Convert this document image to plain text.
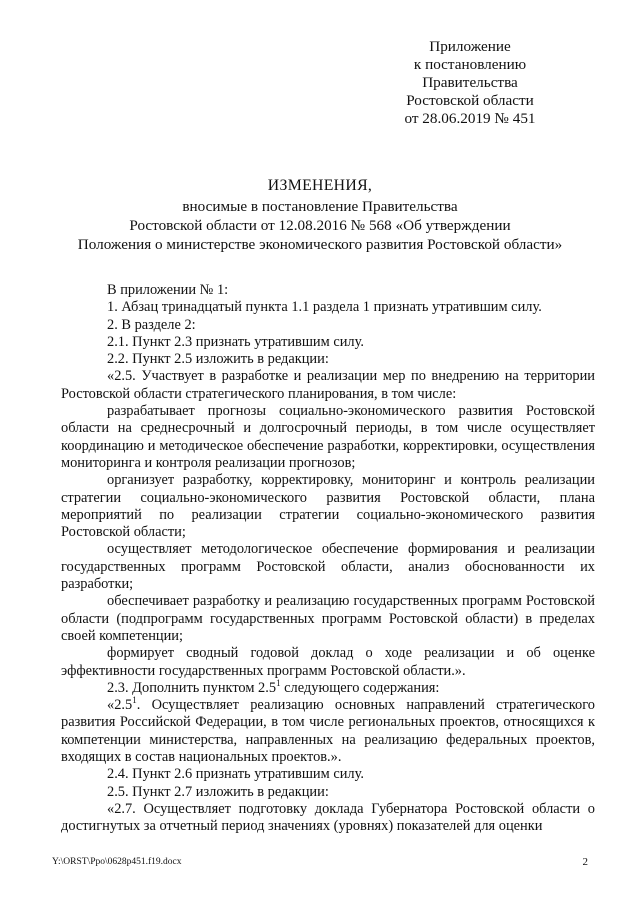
Приложение
к постановлению
Правительства
Ростовской области
от 28.06.2019 № 451
ИЗМЕНЕНИЯ,
вносимые в постановление Правительства
Ростовской области от 12.08.2016 № 568 «Об утверждении
Положения о министерстве экономического развития Ростовской области»

В приложении № 1:

1. Абзац тринадцатый пункта 1.1 раздела 1 признать утратившим силу.

2. В разделе 2:

2.1. Пункт 2.3 признать утратившим силу.

2.2. Пункт 2.5 изложить в редакции:

«2.5. Участвует в разработке и реализации мер по внедрению на территории Ростовской области стратегического планирования, в том числе:

разрабатывает прогнозы социально-экономического развития Ростовской области на среднесрочный и долгосрочный периоды, в том числе осуществляет координацию и методическое обеспечение разработки, корректировки, осуществления мониторинга и контроля реализации прогнозов;

организует разработку, корректировку, мониторинг и контроль реализации стратегии социально-экономического развития Ростовской области, плана мероприятий по реализации стратегии социально-экономического развития Ростовской области;

осуществляет методологическое обеспечение формирования и реализации государственных программ Ростовской области, анализ обоснованности их разработки;

обеспечивает разработку и реализацию государственных программ Ростовской области (подпрограмм государственных программ Ростовской области) в пределах своей компетенции;

формирует сводный годовой доклад о ходе реализации и об оценке эффективности государственных программ Ростовской области.».

2.3. Дополнить пунктом $2.5^1$ следующего содержания:

«$2.5^1$. Осуществляет реализацию основных направлений стратегического развития Российской Федерации, в том числе региональных проектов, относящихся к компетенции министерства, направленных на реализацию федеральных проектов, входящих в состав национальных проектов.».

2.4. Пункт 2.6 признать утратившим силу.

2.5. Пункт 2.7 изложить в редакции:

«2.7. Осуществляет подготовку доклада Губернатора Ростовской области о достигнутых за отчетный период значениях (уровнях) показателей для оценки

Y:\ORST\Ppo\0628p451.f19.docx	2
